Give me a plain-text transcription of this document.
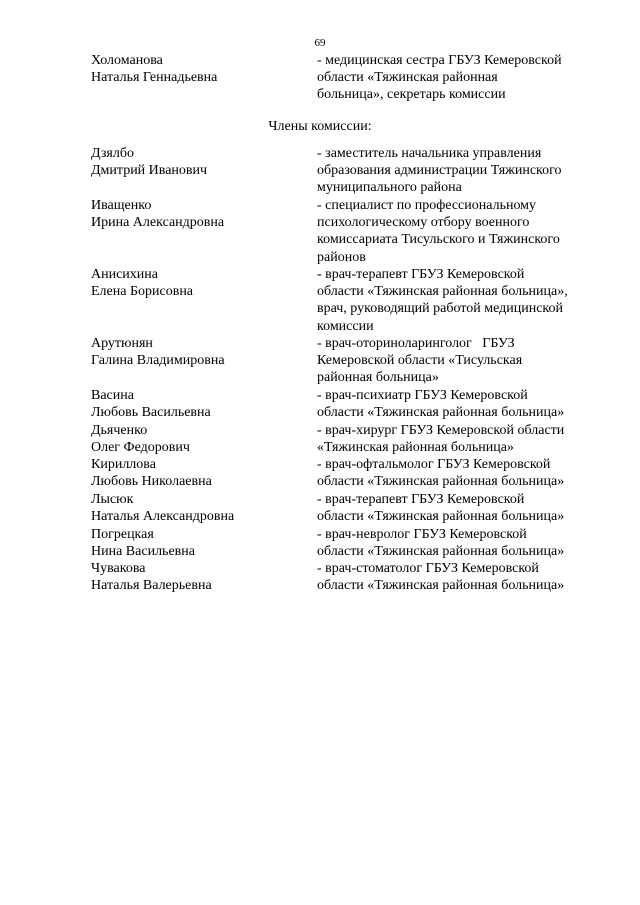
69
Холоманова
Наталья Геннадьевна
- медицинская сестра ГБУЗ Кемеровской
области «Тяжинская районная
больница», секретарь комиссии
Члены комиссии:
Дзялбо
Дмитрий Иванович
- заместитель начальника управления
образования администрации Тяжинского
муниципального района
Иващенко
Ирина Александровна
- специалист по профессиональному
психологическому отбору военного
комиссариата Тисульского и Тяжинского
районов
Анисихина
Елена Борисовна
- врач-терапевт ГБУЗ Кемеровской
области «Тяжинская районная больница»,
врач, руководящий работой медицинской
комиссии
Арутюнян
Галина Владимировна
- врач-оториноларинголог   ГБУЗ
Кемеровской области «Тисульская
районная больница»
Васина
Любовь Васильевна
- врач-психиатр ГБУЗ Кемеровской
области «Тяжинская районная больница»
Дьяченко
Олег Федорович
- врач-хирург ГБУЗ Кемеровской области
«Тяжинская районная больница»
Кириллова
Любовь Николаевна
- врач-офтальмолог ГБУЗ Кемеровской
области «Тяжинская районная больница»
Лысюк
Наталья Александровна
- врач-терапевт ГБУЗ Кемеровской
области «Тяжинская районная больница»
Погрецкая
Нина Васильевна
- врач-невролог ГБУЗ Кемеровской
области «Тяжинская районная больница»
Чувакова
Наталья Валерьевна
- врач-стоматолог ГБУЗ Кемеровской
области «Тяжинская районная больница»
